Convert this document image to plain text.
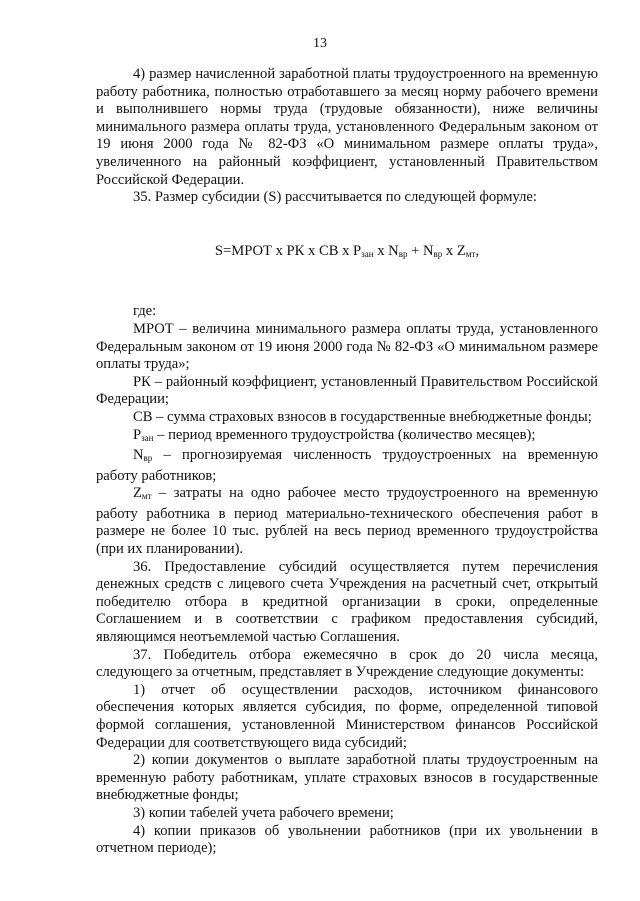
13

4) размер начисленной заработной платы трудоустроенного на временную работу работника, полностью отработавшего за месяц норму рабочего времени и выполнившего нормы труда (трудовые обязанности), ниже величины минимального размера оплаты труда, установленного Федеральным законом от 19 июня 2000 года № 82-ФЗ «О минимальном размере оплаты труда», увеличенного на районный коэффициент, установленный Правительством Российской Федерации.

35. Размер субсидии (S) рассчитывается по следующей формуле:

S=МРОТ x РК x СВ x $P_{зан}$ x $N_{вр} + N_{вр}$ x $Z_{мт}$,

где:

МРОТ – величина минимального размера оплаты труда, установленного Федеральным законом от 19 июня 2000 года № 82-ФЗ «О минимальном размере оплаты труда»;

РК – районный коэффициент, установленный Правительством Российской Федерации;

СВ – сумма страховых взносов в государственные внебюджетные фонды;

$P_{зан}$ – период временного трудоустройства (количество месяцев);

$N_{вр}$ – прогнозируемая численность трудоустроенных на временную работу работников;

$Z_{мт}$ – затраты на одно рабочее место трудоустроенного на временную работу работника в период материально-технического обеспечения работ в размере не более 10 тыс. рублей на весь период временного трудоустройства (при их планировании).

36. Предоставление субсидий осуществляется путем перечисления денежных средств с лицевого счета Учреждения на расчетный счет, открытый победителю отбора в кредитной организации в сроки, определенные Соглашением и в соответствии с графиком предоставления субсидий, являющимся неотъемлемой частью Соглашения.

37. Победитель отбора ежемесячно в срок до 20 числа месяца, следующего за отчетным, представляет в Учреждение следующие документы:

1) отчет об осуществлении расходов, источником финансового обеспечения которых является субсидия, по форме, определенной типовой формой соглашения, установленной Министерством финансов Российской Федерации для соответствующего вида субсидий;

2) копии документов о выплате заработной платы трудоустроенным на временную работу работникам, уплате страховых взносов в государственные внебюджетные фонды;

3) копии табелей учета рабочего времени;

4) копии приказов об увольнении работников (при их увольнении в отчетном периоде);
